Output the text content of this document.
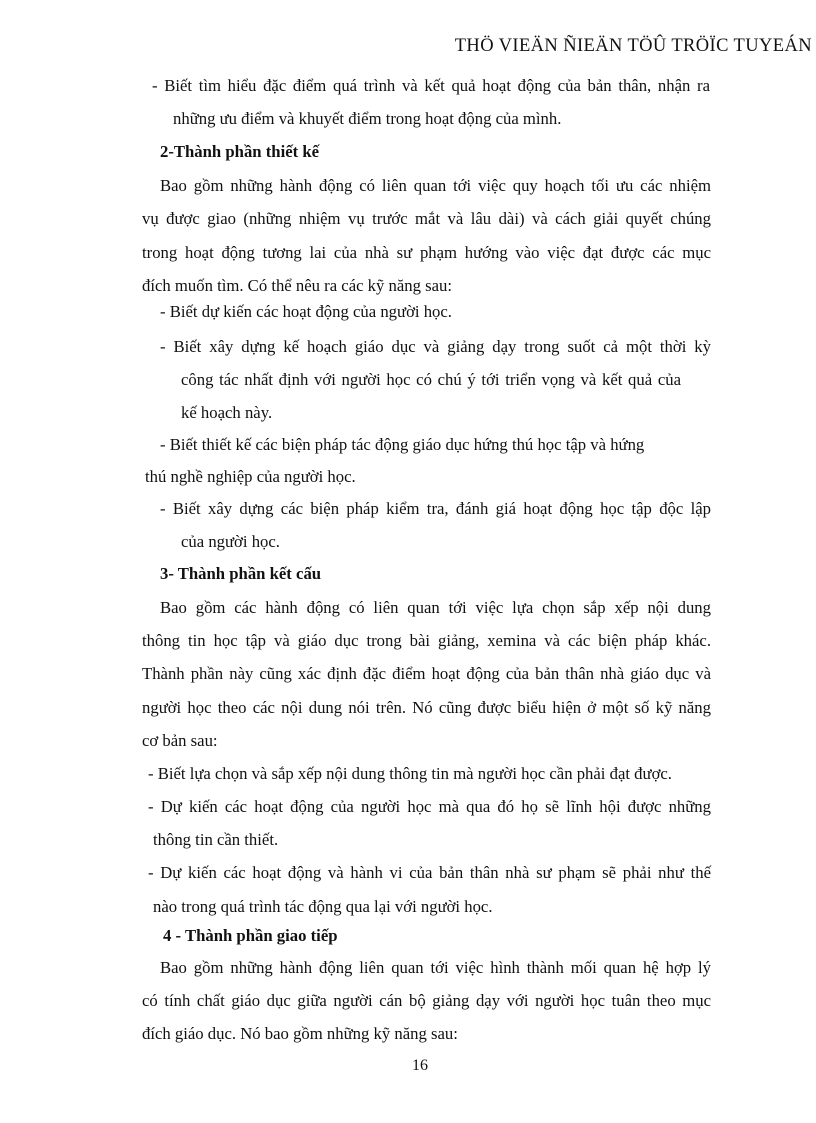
THÖ VIEÄN ÑIEÄN TÖÛ TRÖÏC TUYEÁN
- Biết tìm hiểu đặc điểm quá trình và kết quả hoạt động của bản thân, nhận ra
những ưu điểm và khuyết điểm trong hoạt động của mình.
2-Thành phần thiết kế
Bao gồm những hành động có liên quan tới việc quy hoạch tối ưu các nhiệm
vụ được giao (những nhiệm vụ trước mắt và lâu dài) và cách giải quyết chúng
trong hoạt động tương lai của nhà sư phạm hướng vào việc đạt được các mục
đích muốn tìm. Có thể nêu ra các kỹ năng sau:
- Biết dự kiến các hoạt động của người học.
- Biết xây dựng kế hoạch giáo dục và giảng dạy trong suốt cả một thời kỳ
công tác nhất định với người học có chú ý tới triển vọng và kết quả của
kế hoạch này.
- Biết thiết kế các biện pháp tác động giáo dục hứng thú học tập và hứng
thú nghề nghiệp của người học.
- Biết xây dựng các biện pháp kiểm tra, đánh giá hoạt động học tập độc lập
của người học.
3- Thành phần kết cấu
Bao gồm các hành động có liên quan tới việc lựa chọn sắp xếp nội dung
thông tin học tập và giáo dục trong bài giảng, xemina và các biện pháp khác.
Thành phần này cũng xác định đặc điểm hoạt động của bản thân nhà giáo dục và
người học theo các nội dung nói trên. Nó cũng được biểu hiện ở một số kỹ năng
cơ bản sau:
- Biết lựa chọn và sắp xếp nội dung thông tin mà người học cần phải đạt được.
- Dự kiến các hoạt động của người học mà qua đó họ sẽ lĩnh hội được những
thông tin cần thiết.
- Dự kiến các hoạt động và hành vi của bản thân nhà sư phạm sẽ phải như thế
nào trong quá trình tác động qua lại với người học.
4 - Thành phần giao tiếp
Bao gồm những hành động liên quan tới việc hình thành mối quan hệ hợp lý
có tính chất giáo dục giữa người cán bộ giảng dạy với người học tuân theo mục
đích giáo dục. Nó bao gồm những kỹ năng sau:
16
